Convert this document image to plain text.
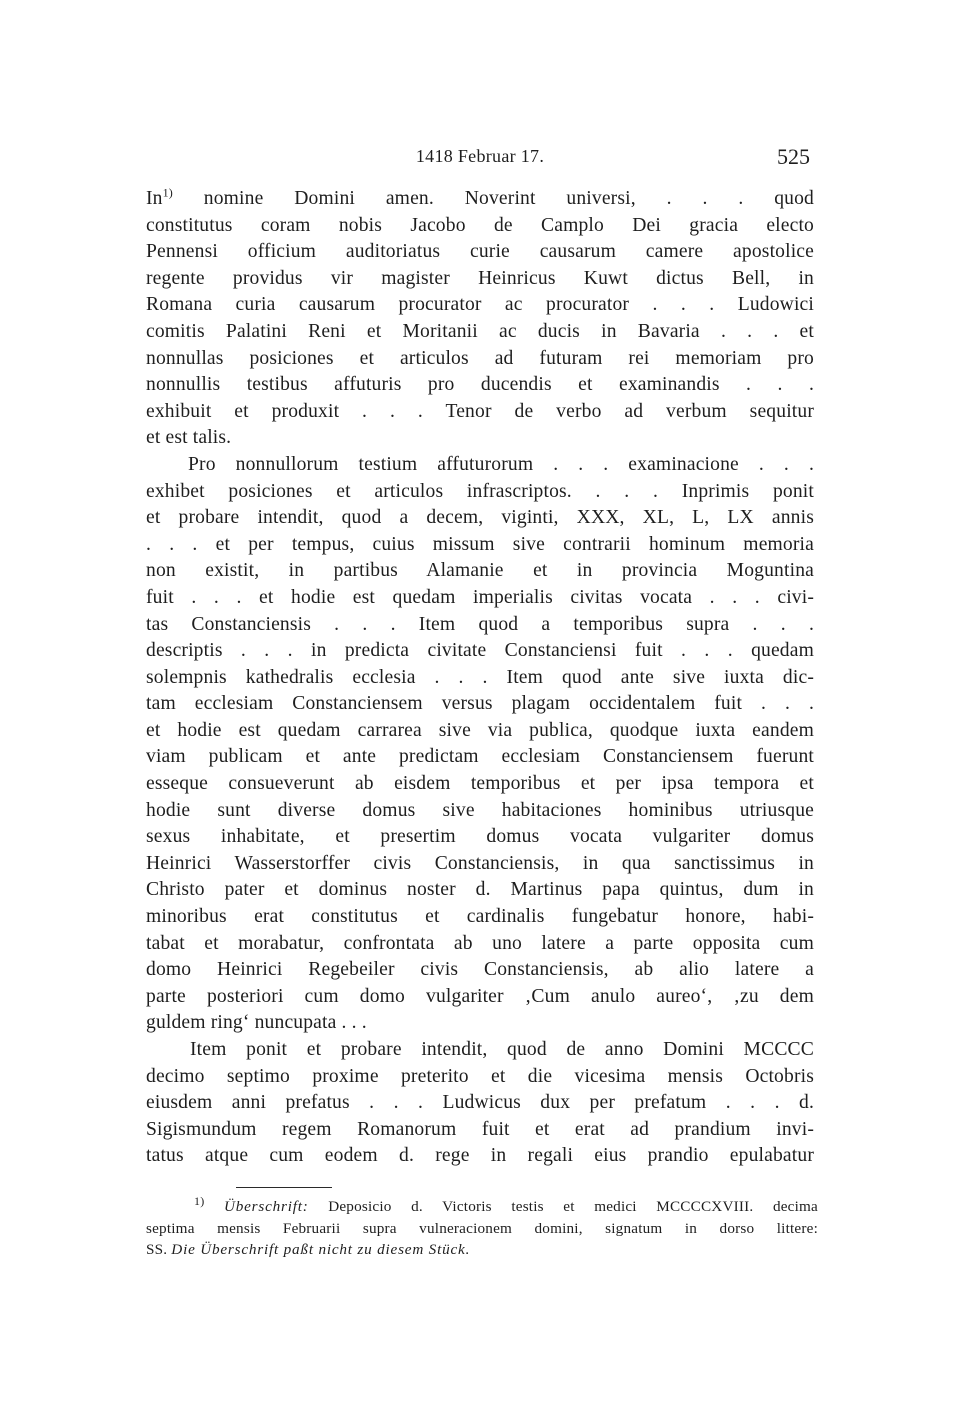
1418 Februar 17.	525
In$^{1)}$ nomine Domini amen. Noverint universi, . . . quod
constitutus coram nobis Jacobo de Camplo Dei gracia electo
Pennensi officium auditoriatus curie causarum camere apostolice
regente providus vir magister Heinricus Kuwt dictus Bell, in
Romana curia causarum procurator ac procurator . . . Ludowici
comitis Palatini Reni et Moritanii ac ducis in Bavaria . . . et
nonnullas posiciones et articulos ad futuram rei memoriam pro
nonnullis testibus affuturis pro ducendis et examinandis . . .
exhibuit et produxit . . . Tenor de verbo ad verbum sequitur
et est talis.
Pro nonnullorum testium affuturorum . . . examinacione . . .
exhibet posiciones et articulos infrascriptos. . . . Inprimis ponit
et probare intendit, quod a decem, viginti, XXX, XL, L, LX annis
. . . et per tempus, cuius missum sive contrarii hominum memoria
non existit, in partibus Alamanie et in provincia Moguntina
fuit . . . et hodie est quedam imperialis civitas vocata . . . civi-
tas Constanciensis . . . Item quod a temporibus supra . . .
descriptis . . . in predicta civitate Constanciensi fuit . . . quedam
solempnis kathedralis ecclesia . . . Item quod ante sive iuxta dic-
tam ecclesiam Constanciensem versus plagam occidentalem fuit . . .
et hodie est quedam carrarea sive via publica, quodque iuxta eandem
viam publicam et ante predictam ecclesiam Constanciensem fuerunt
esseque consueverunt ab eisdem temporibus et per ipsa tempora et
hodie sunt diverse domus sive habitaciones hominibus utriusque
sexus inhabitate, et presertim domus vocata vulgariter domus
Heinrici Wasserstorffer civis Constanciensis, in qua sanctissimus in
Christo pater et dominus noster d. Martinus papa quintus, dum in
minoribus erat constitutus et cardinalis fungebatur honore, habi-
tabat et morabatur, confrontata ab uno latere a parte opposita cum
domo Heinrici Regebeiler civis Constanciensis, ab alio latere a
parte posteriori cum domo vulgariter ‚Cum anulo aureo‘, ‚zu dem
guldem ring‘ nuncupata . . .
Item ponit et probare intendit, quod de anno Domini MCCCC
decimo septimo proxime preterito et die vicesima mensis Octobris
eiusdem anni prefatus . . . Ludwicus dux per prefatum . . . d.
Sigismundum regem Romanorum fuit et erat ad prandium invi-
tatus atque cum eodem d. rege in regali eius prandio epulabatur
$^{1)}$ Überschrift: Deposicio d. Victoris testis et medici MCCCCXVIII. decima
septima mensis Februarii supra vulneracionem domini, signatum in dorso littere:
SS. Die Überschrift paßt nicht zu diesem Stück.
